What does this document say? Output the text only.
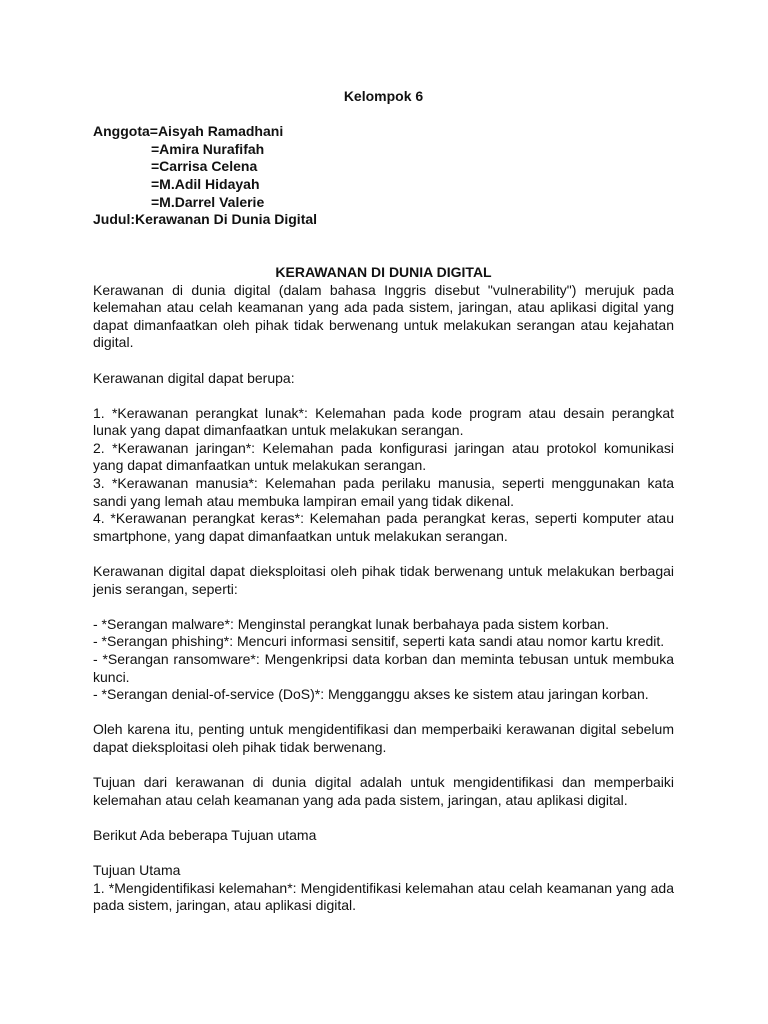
Kelompok 6

Anggota=Aisyah Ramadhani

=Amira Nurafifah

=Carrisa Celena

=M.Adil Hidayah

=M.Darrel Valerie

Judul:Kerawanan Di Dunia Digital

KERAWANAN DI DUNIA DIGITAL

Kerawanan di dunia digital (dalam bahasa Inggris disebut "vulnerability") merujuk pada kelemahan atau celah keamanan yang ada pada sistem, jaringan, atau aplikasi digital yang dapat dimanfaatkan oleh pihak tidak berwenang untuk melakukan serangan atau kejahatan digital.

Kerawanan digital dapat berupa:

1. *Kerawanan perangkat lunak*: Kelemahan pada kode program atau desain perangkat lunak yang dapat dimanfaatkan untuk melakukan serangan.

2. *Kerawanan jaringan*: Kelemahan pada konfigurasi jaringan atau protokol komunikasi yang dapat dimanfaatkan untuk melakukan serangan.

3. *Kerawanan manusia*: Kelemahan pada perilaku manusia, seperti menggunakan kata sandi yang lemah atau membuka lampiran email yang tidak dikenal.

4. *Kerawanan perangkat keras*: Kelemahan pada perangkat keras, seperti komputer atau smartphone, yang dapat dimanfaatkan untuk melakukan serangan.

Kerawanan digital dapat dieksploitasi oleh pihak tidak berwenang untuk melakukan berbagai jenis serangan, seperti:

- *Serangan malware*: Menginstal perangkat lunak berbahaya pada sistem korban.

- *Serangan phishing*: Mencuri informasi sensitif, seperti kata sandi atau nomor kartu kredit.

- *Serangan ransomware*: Mengenkripsi data korban dan meminta tebusan untuk membuka kunci.

- *Serangan denial-of-service (DoS)*: Mengganggu akses ke sistem atau jaringan korban.

Oleh karena itu, penting untuk mengidentifikasi dan memperbaiki kerawanan digital sebelum dapat dieksploitasi oleh pihak tidak berwenang.

Tujuan dari kerawanan di dunia digital adalah untuk mengidentifikasi dan memperbaiki kelemahan atau celah keamanan yang ada pada sistem, jaringan, atau aplikasi digital.

Berikut Ada beberapa Tujuan utama

Tujuan Utama

1. *Mengidentifikasi kelemahan*: Mengidentifikasi kelemahan atau celah keamanan yang ada pada sistem, jaringan, atau aplikasi digital.
